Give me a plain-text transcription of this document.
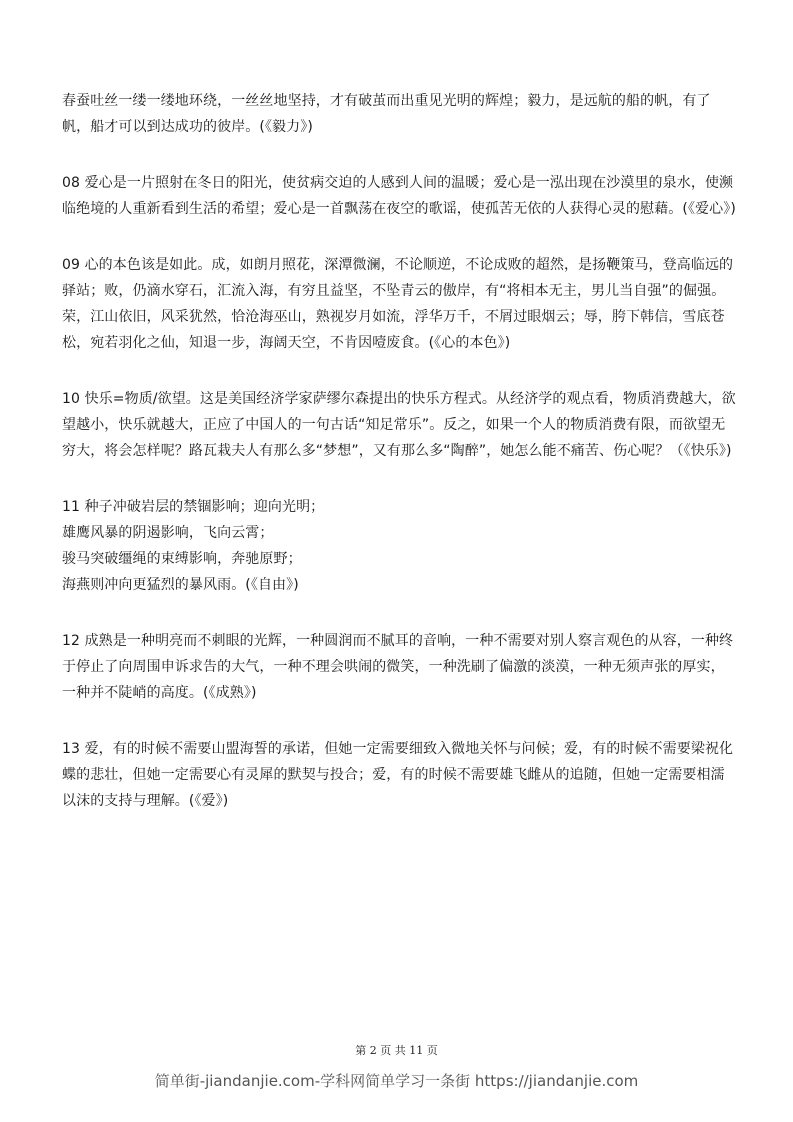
春蚕吐丝一缕一缕地环绕，一丝丝地坚持，才有破茧而出重见光明的辉煌；毅力，是远航的船的帆，有了帆，船才可以到达成功的彼岸。(《毅力》)

08 爱心是一片照射在冬日的阳光，使贫病交迫的人感到人间的温暖；爱心是一泓出现在沙漠里的泉水，使濒临绝境的人重新看到生活的希望；爱心是一首飘荡在夜空的歌谣，使孤苦无依的人获得心灵的慰藉。(《爱心》)

09 心的本色该是如此。成，如朗月照花，深潭微澜，不论顺逆，不论成败的超然，是扬鞭策马，登高临远的驿站；败，仍滴水穿石，汇流入海，有穷且益坚，不坠青云的傲岸，有“将相本无主，男儿当自强”的倔强。荣，江山依旧，风采犹然，恰沧海巫山，熟视岁月如流，浮华万千，不屑过眼烟云；辱，胯下韩信，雪底苍松，宛若羽化之仙，知退一步，海阔天空，不肯因噎废食。(《心的本色》)

10 快乐=物质/欲望。这是美国经济学家萨缪尔森提出的快乐方程式。从经济学的观点看，物质消费越大，欲望越小，快乐就越大，正应了中国人的一句古话“知足常乐”。反之，如果一个人的物质消费有限，而欲望无穷大，将会怎样呢？路瓦栽夫人有那么多“梦想”，又有那么多“陶醉”，她怎么能不痛苦、伤心呢？（《快乐》)

11 种子冲破岩层的禁锢影响；迎向光明；

雄鹰风暴的阴遏影响，飞向云霄；

骏马突破缰绳的束缚影响，奔驰原野；

海燕则冲向更猛烈的暴风雨。(《自由》)

12 成熟是一种明亮而不刺眼的光辉，一种圆润而不腻耳的音响，一种不需要对别人察言观色的从容，一种终于停止了向周围申诉求告的大气，一种不理会哄闹的微笑，一种洗刷了偏激的淡漠，一种无须声张的厚实，一种并不陡峭的高度。(《成熟》)

13 爱，有的时候不需要山盟海誓的承诺，但她一定需要细致入微地关怀与问候；爱，有的时候不需要梁祝化蝶的悲壮，但她一定需要心有灵犀的默契与投合；爱，有的时候不需要雄飞雌从的追随，但她一定需要相濡以沫的支持与理解。(《爱》)

第 2 页 共 11 页
简单街-jiandanjie.com-学科网简单学习一条街 https://jiandanjie.com
